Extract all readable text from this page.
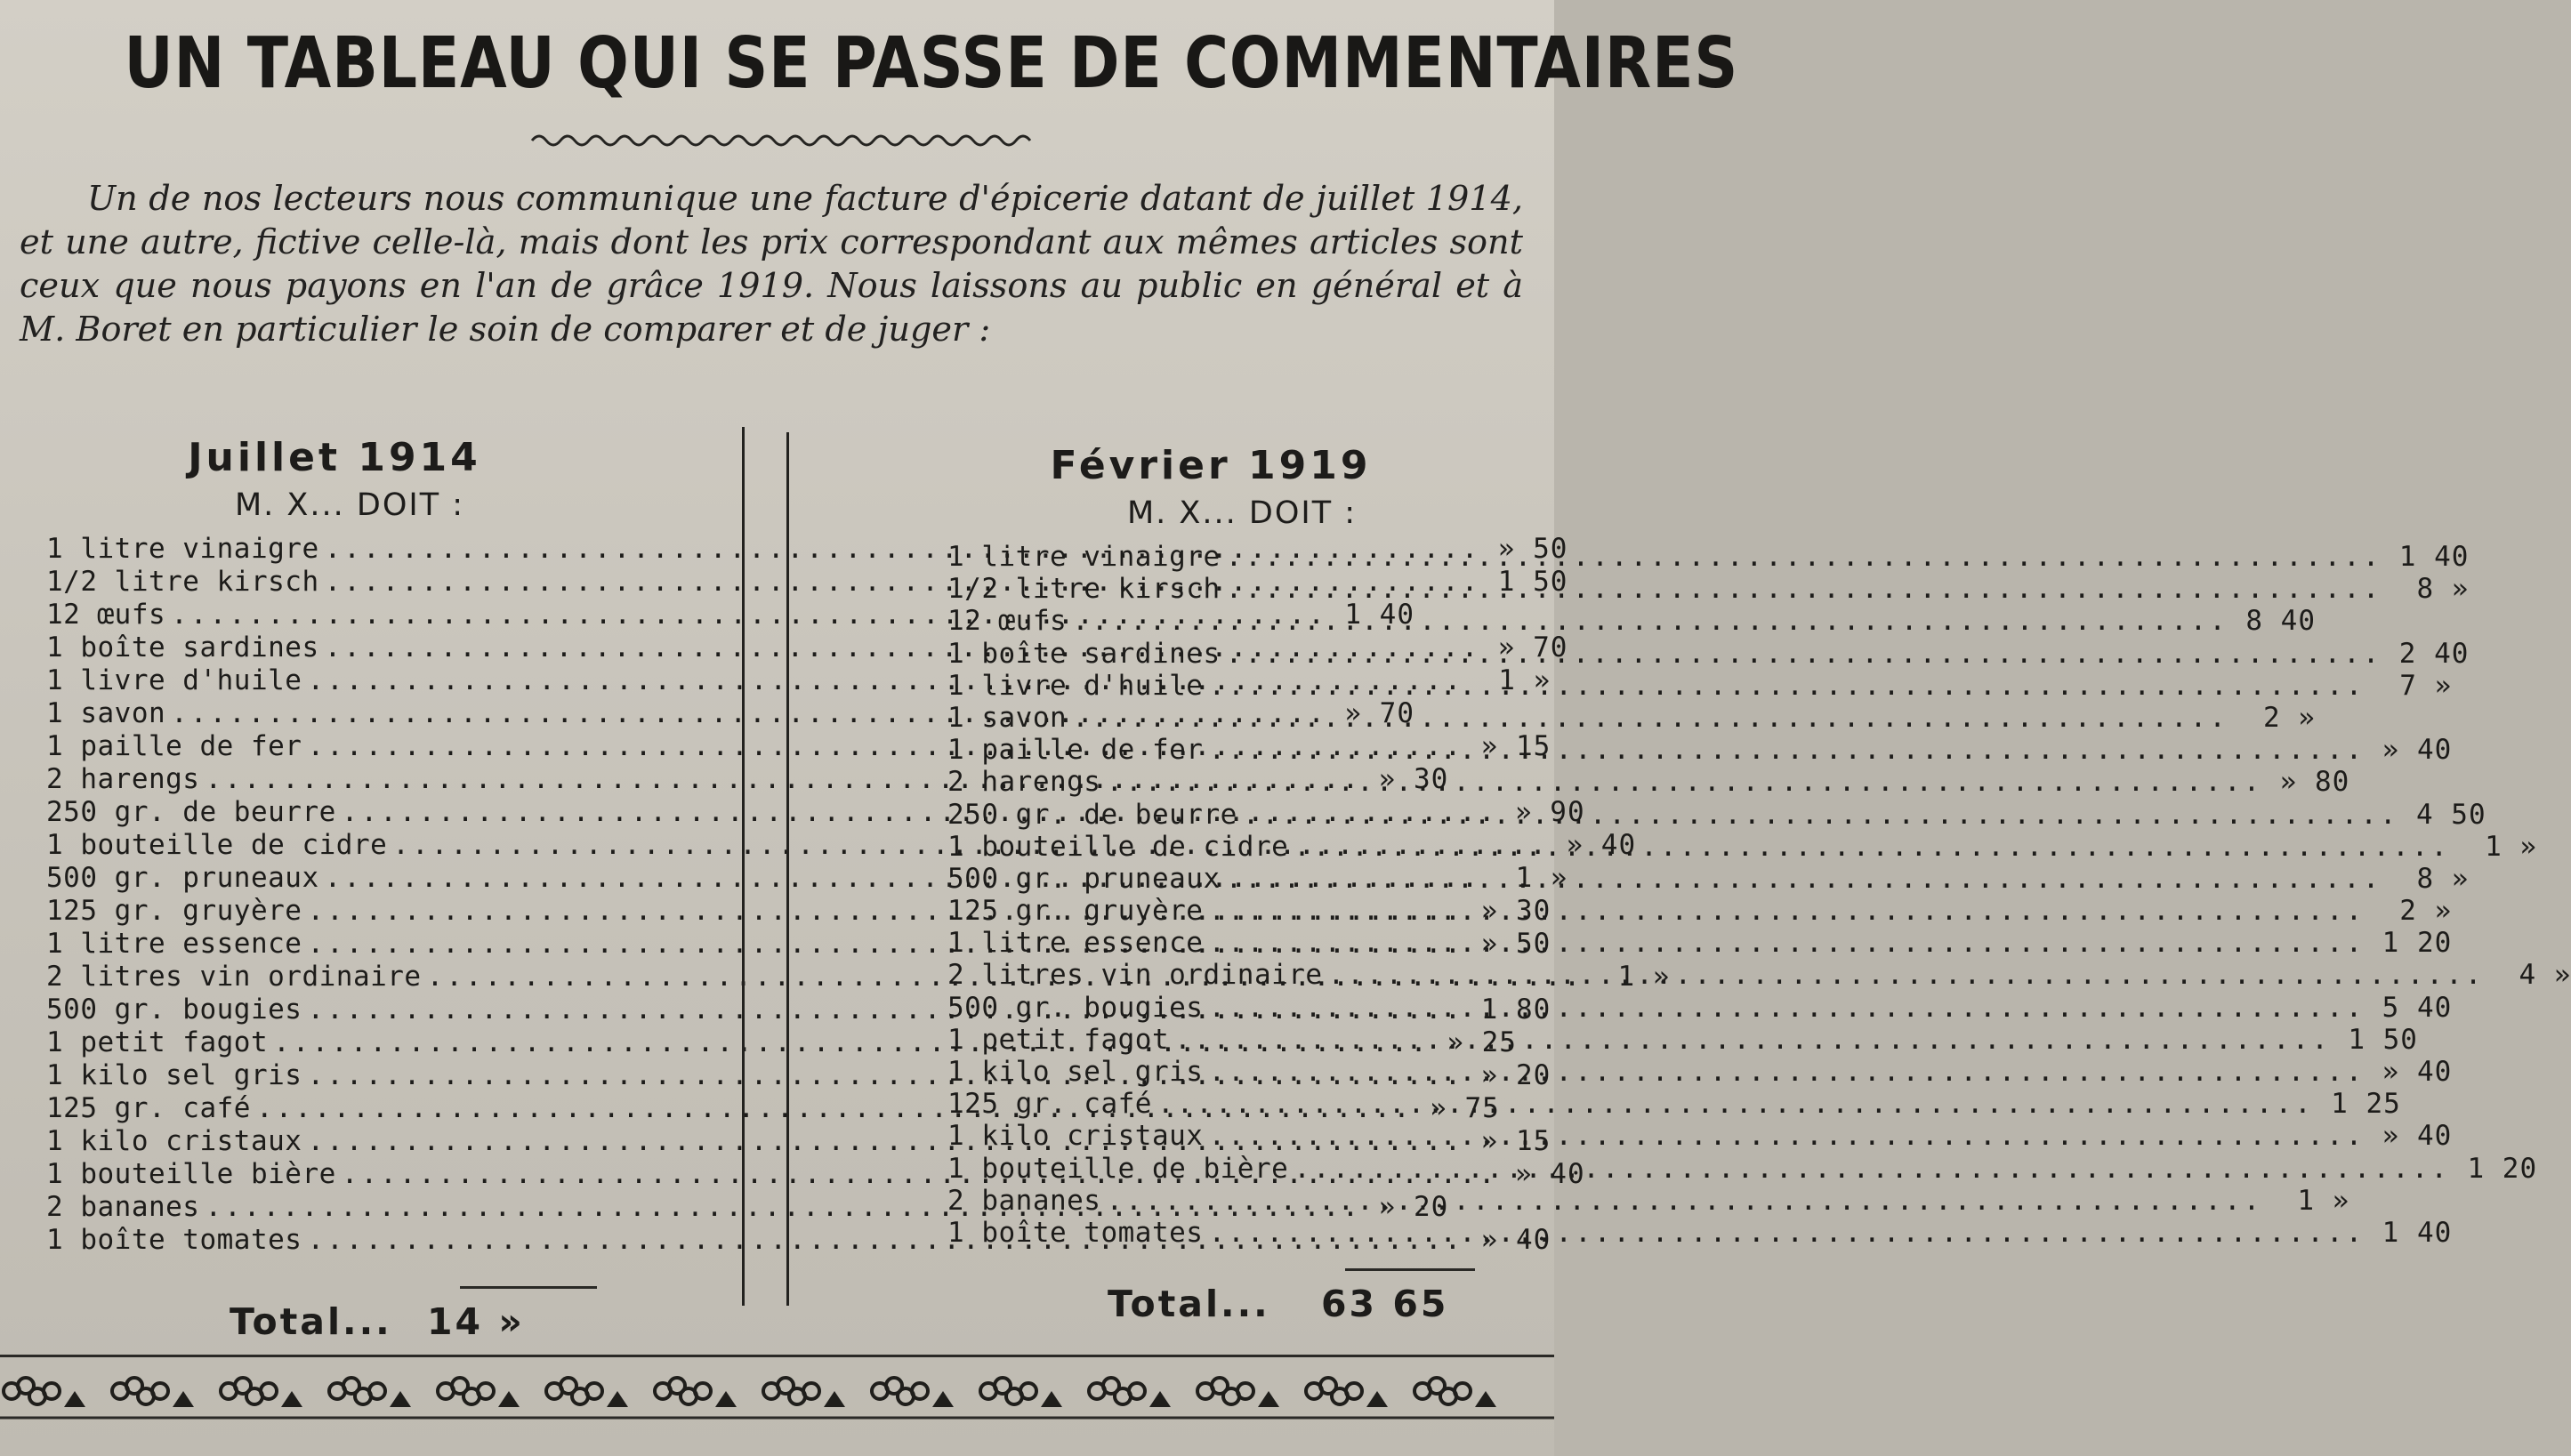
UN TABLEAU QUI SE PASSE DE COMMENTAIRES

Un de nos lecteurs nous communique une facture d'épicerie datant de juillet 1914, et une autre, fictive celle-là, mais dont les prix correspondant aux mêmes articles sont ceux que nous payons en l'an de grâce 1919. Nous laissons au public en général et à M. Boret en particulier le soin de comparer et de juger :

Juillet 1914

M. X... DOIT :

1 litre vinaigre .....	» 50
1/2 litre kirsch .....	1 50
12 œufs .....	1 40
1 boîte sardines .....	» 70
1 livre d'huile .....	1 »
1 savon .....	» 70
1 paille de fer .....	» 15
2 harengs .....	» 30
250 gr. de beurre .....	» 90
1 bouteille de cidre .....	» 40
500 gr. pruneaux .....	1 »
125 gr. gruyère .....	» 30
1 litre essence .....	» 50
2 litres vin ordinaire .....	1 »
500 gr. bougies .....	1 80
1 petit fagot .....	» 25
1 kilo sel gris .....	» 20
125 gr. café .....	» 75
1 kilo cristaux .....	» 15
1 bouteille bière .....	» 40
2 bananes .....	» 20
1 boîte tomates .....	» 40
Total... 14 »
Février 1919

M. X... DOIT :

1 litre vinaigre .....	1 40
1/2 litre kirsch .....	8 »
12 œufs .....	8 40
1 boîte sardines .....	2 40
1 livre d'huile .....	7 »
1 savon .....	2 »
1 paille de fer .....	» 40
2 harengs .....	» 80
250 gr. de beurre .....	4 50
1 bouteille de cidre .....	1 »
500 gr. pruneaux .....	8 »
125 gr. gruyère .....	2 »
1 litre essence .....	1 20
2 litres vin ordinaire .....	4 »
500 gr. bougies .....	5 40
1 petit fagot .....	1 50
1 kilo sel gris .....	» 40
125 gr. café .....	1 25
1 kilo cristaux .....	» 40
1 bouteille de bière .....	1 20
2 bananes .....	1 »
1 boîte tomates .....	1 40
Total... 63 65
